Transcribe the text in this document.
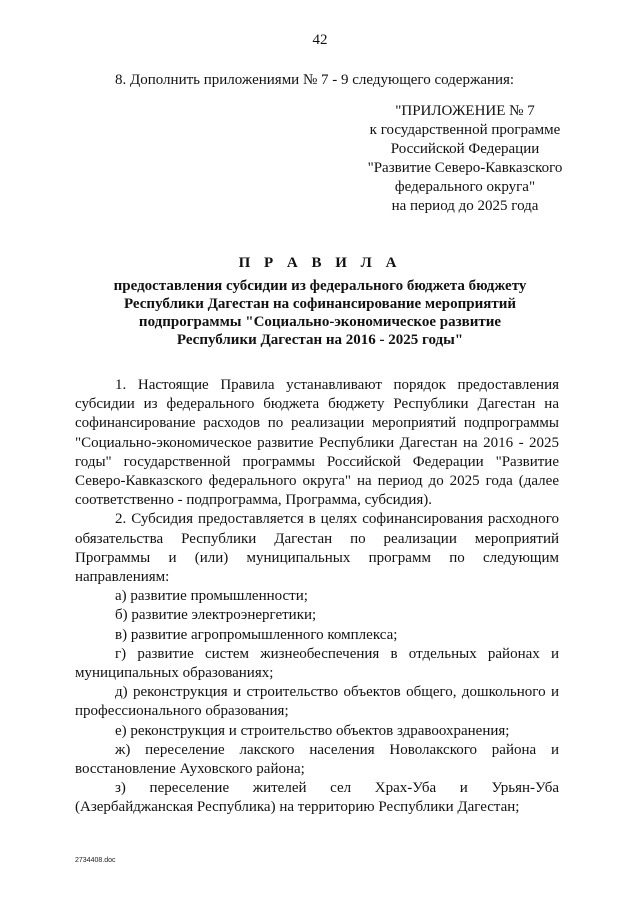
42
8. Дополнить приложениями № 7 - 9 следующего содержания:
"ПРИЛОЖЕНИЕ № 7
к государственной программе
Российской Федерации
"Развитие Северо-Кавказского
федерального округа"
на период до 2025 года
П Р А В И Л А
предоставления субсидии из федерального бюджета бюджету
Республики Дагестан на софинансирование мероприятий
подпрограммы "Социально-экономическое развитие
Республики Дагестан на 2016 - 2025 годы"

1. Настоящие Правила устанавливают порядок предоставления субсидии из федерального бюджета бюджету Республики Дагестан на софинансирование расходов по реализации мероприятий подпрограммы "Социально-экономическое развитие Республики Дагестан на 2016 - 2025 годы" государственной программы Российской Федерации "Развитие Северо-Кавказского федерального округа" на период до 2025 года (далее соответственно - подпрограмма, Программа, субсидия).

2. Субсидия предоставляется в целях софинансирования расходного обязательства Республики Дагестан по реализации мероприятий Программы и (или) муниципальных программ по следующим направлениям:

а) развитие промышленности;

б) развитие электроэнергетики;

в) развитие агропромышленного комплекса;

г) развитие систем жизнеобеспечения в отдельных районах и муниципальных образованиях;

д) реконструкция и строительство объектов общего, дошкольного и профессионального образования;

е) реконструкция и строительство объектов здравоохранения;

ж) переселение лакского населения Новолакского района и восстановление Ауховского района;

з) переселение жителей сел Храх-Уба и Урьян-Уба (Азербайджанская Республика) на территорию Республики Дагестан;

2734408.doc
